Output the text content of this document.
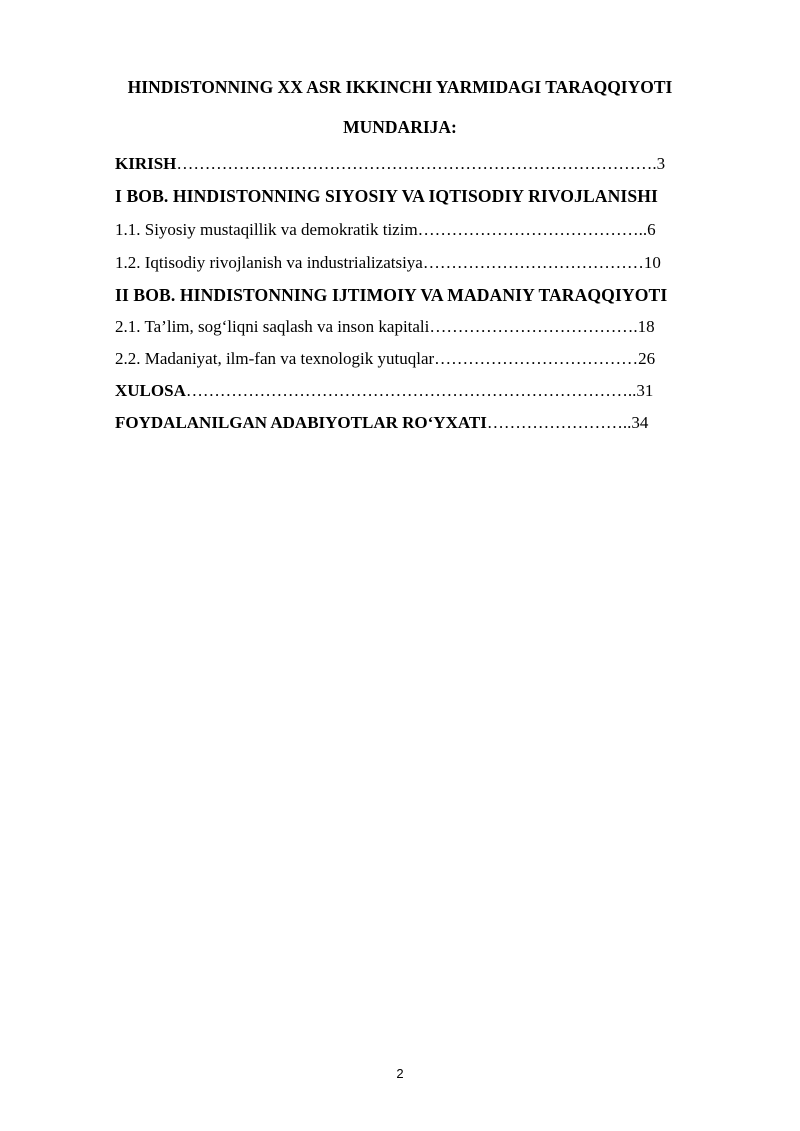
HINDISTONNING XX ASR IKKINCHI YARMIDAGI TARAQQIYOTI
MUNDARIJA:
KIRISH………………………………………………………………………….3
I BOB. HINDISTONNING SIYOSIY VA IQTISODIY RIVOJLANISHI
1.1. Siyosiy mustaqillik va demokratik tizim…………………………………..6
1.2. Iqtisodiy rivojlanish va industrializatsiya…………………………………10
II BOB. HINDISTONNING IJTIMOIY VA MADANIY TARAQQIYOTI
2.1. Ta’lim, sog‘liqni saqlash va inson kapitali……………………………….18
2.2. Madaniyat, ilm-fan va texnologik yutuqlar………………………………26
XULOSA……………………………………………………………………..31
FOYDALANILGAN ADABIYOTLAR RO‘YXATI……………………..34
2
